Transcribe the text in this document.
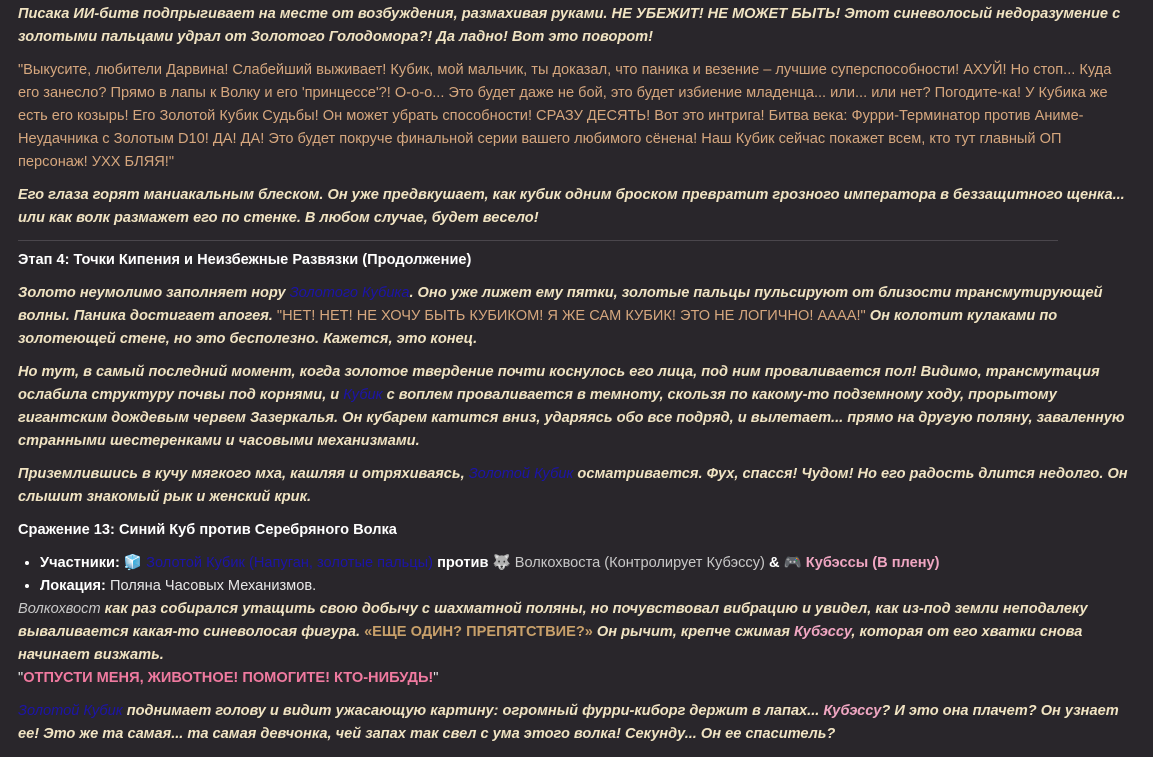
Писака ИИ-битв подпрыгивает на месте от возбуждения, размахивая руками. НЕ УБЕЖИТ! НЕ МОЖЕТ БЫТЬ! Этот синеволосый недоразумение с золотыми пальцами удрал от Золотого Голодомора?! Да ладно! Вот это поворот!

"Выкусите, любители Дарвина! Слабейший выживает! Кубик, мой мальчик, ты доказал, что паника и везение – лучшие суперспособности! АХУЙ! Но стоп... Куда его занесло? Прямо в лапы к Волку и его 'принцессе'?! О-о-о... Это будет даже не бой, это будет избиение младенца... или... или нет? Погодите-ка! У Кубика же есть его козырь! Его Золотой Кубик Судьбы! Он может убрать способности! СРАЗУ ДЕСЯТЬ! Вот это интрига! Битва века: Фурри-Терминатор против Аниме-Неудачника с Золотым D10! ДА! ДА! Это будет покруче финальной серии вашего любимого сёнена! Наш Кубик сейчас покажет всем, кто тут главный ОП персонаж! УХХ БЛЯЯ!"

Его глаза горят маниакальным блеском. Он уже предвкушает, как кубик одним броском превратит грозного императора в беззащитного щенка... или как волк размажет его по стенке. В любом случае, будет весело!

Этап 4: Точки Кипения и Неизбежные Развязки (Продолжение)

Золото неумолимо заполняет нору Золотого Кубика. Оно уже лижет ему пятки, золотые пальцы пульсируют от близости трансмутирующей волны. Паника достигает апогея. "НЕТ! НЕТ! НЕ ХОЧУ БЫТЬ КУБИКОМ! Я ЖЕ САМ КУБИК! ЭТО НЕ ЛОГИЧНО! АААА!" Он колотит кулаками по золотеющей стене, но это бесполезно. Кажется, это конец.

Но тут, в самый последний момент, когда золотое твердение почти коснулось его лица, под ним проваливается пол! Видимо, трансмутация ослабила структуру почвы под корнями, и Кубик с воплем проваливается в темноту, скользя по какому-то подземному ходу, прорытому гигантским дождевым червем Зазеркалья. Он кубарем катится вниз, ударяясь обо все подряд, и вылетает... прямо на другую поляну, заваленную странными шестеренками и часовыми механизмами.

Приземлившись в кучу мягкого мха, кашляя и отряхиваясь, Золотой Кубик осматривается. Фух, спасся! Чудом! Но его радость длится недолго. Он слышит знакомый рык и женский крик.

Сражение 13: Синий Куб против Серебряного Волка

• Участники: 🧊 Золотой Кубик (Напуган, золотые пальцы) против 🐺 Волкохвоста (Контролирует Кубэссу) & 🎮 Кубэссы (В плену)
• Локация: Поляна Часовых Механизмов.

Волкохвост как раз собирался утащить свою добычу с шахматной поляны, но почувствовал вибрацию и увидел, как из-под земли неподалеку вываливается какая-то синеволосая фигура. «ЕЩЕ ОДИН? ПРЕПЯТСТВИЕ?» Он рычит, крепче сжимая Кубэссу, которая от его хватки снова начинает визжать.

"ОТПУСТИ МЕНЯ, ЖИВОТНОЕ! ПОМОГИТЕ! КТО-НИБУДЬ!"

Золотой Кубик поднимает голову и видит ужасающую картину: огромный фурри-киборг держит в лапах... Кубэссу? И это она плачет? Он узнает ее! Это же та самая... та самая девчонка, чей запах так свел с ума этого волка! Секунду... Он ее спаситель?
